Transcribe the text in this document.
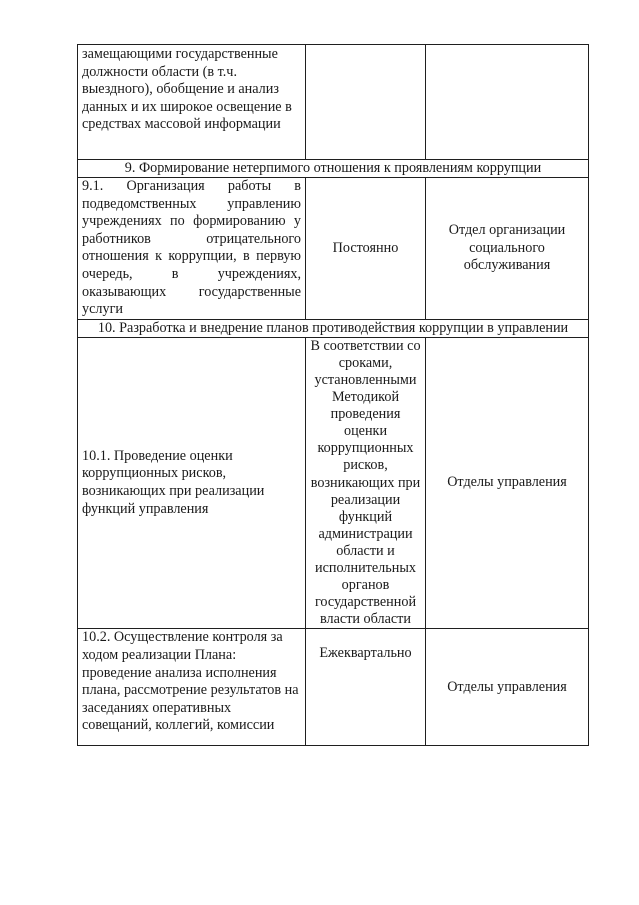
замещающими государственные должности области (в т.ч. выездного), обобщение и анализ данных и их широкое освещение в средствах массовой информации		
9. Формирование нетерпимого отношения к проявлениям коррупции		
9.1. Организация работы в подведомственных управлению учреждениях по формированию у работников отрицательного отношения к коррупции, в первую очередь, в учреждениях, оказывающих государственные услуги	Постоянно	Отдел организации социального обслуживания
10. Разработка и внедрение планов противодействия коррупции в управлении		
10.1. Проведение оценки коррупционных рисков, возникающих при реализации функций управления	В соответствии со сроками, установленными Методикой проведения оценки коррупционных рисков, возникающих при реализации функций администрации области и исполнительных органов государственной власти области	Отделы управления
10.2. Осуществление контроля за ходом реализации Плана: проведение анализа исполнения плана, рассмотрение результатов на заседаниях оперативных совещаний, коллегий, комиссии	Ежеквартально	Отделы управления
